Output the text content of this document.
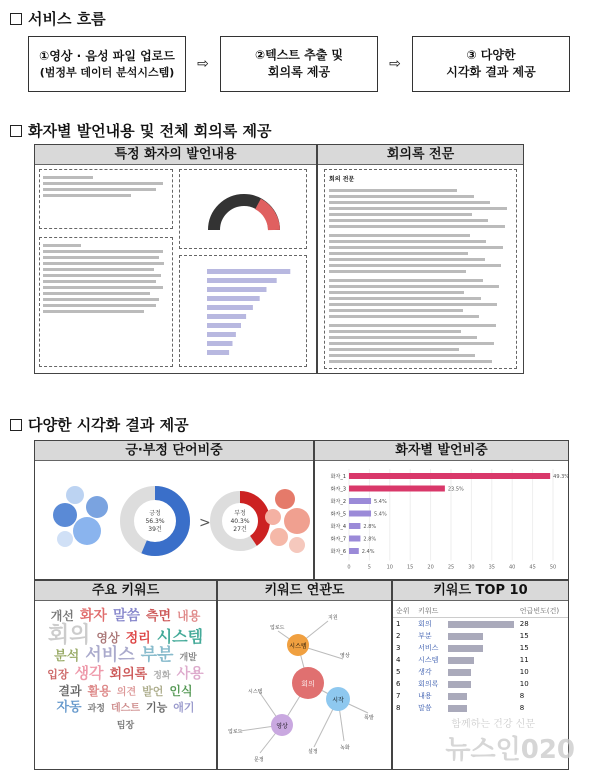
서비스 흐름
①영상 · 음성 파일 업로드
(범정부 데이터 분석시스템)
⇨
②텍스트 추출 및
회의록 제공	⇨
③ 다양한
시각화 결과 제공
화자별 발언내용 및 전체 회의록 제공
특정 화자의 발언내용	회의록 전문
회의 전문
다양한 시각화 결과 제공
긍·부정 단어비중
긍정
56.3%
39건	>
부정
40.3%
27건
화자별 발언비중
0	5	10	15	20	25	30	35	40	45	50
화자_1	49.3%
화자_3	23.5%
화자_2	5.4%
화자_5	5.4%
화자_4	2.8%
화자_7	2.8%
화자_6	2.4%
주요 키워드
개선 화자 말씀 측면 내용회의 영상 정리 시스템분석 서비스 부분 개발입장 생각 회의록 정화 사용결과 활용 의견 발언 인식자동 과정 데스트 기능 애기팀장
키워드 연관도
회의
시스템
시작
영상
업로드
지원
영상
시스템
업로드
문정
설정
녹화
폭발
키워드 TOP 10
순위	키워드		언급빈도(건)
1	회의		28
2	부분		15
3	서비스		15
4	시스템		11
5	생각		10
6	회의록		10
7	내용		8
8	말씀		8
함께하는 건강 신문
뉴스인020
